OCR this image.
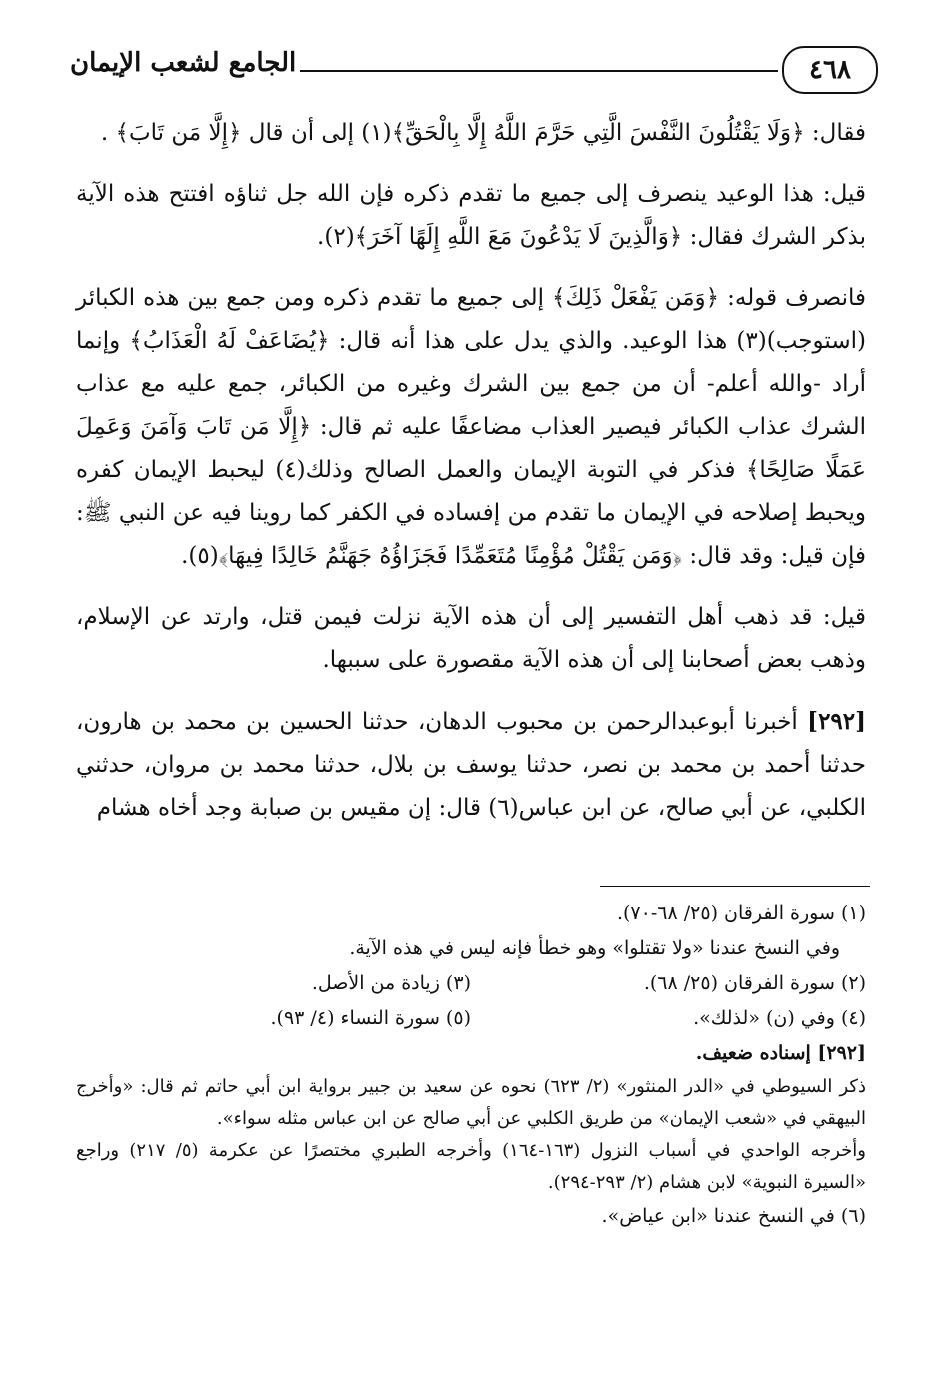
٤٦٨
الجامع لشعب الإيمان

فقال: ﴿وَلَا يَقْتُلُونَ النَّفْسَ الَّتِي حَرَّمَ اللَّهُ إِلَّا بِالْحَقِّ﴾(١) إلى أن قال ﴿إِلَّا مَن تَابَ﴾ .

قيل: هذا الوعيد ينصرف إلى جميع ما تقدم ذكره فإن الله جل ثناؤه افتتح هذه الآية بذكر الشرك فقال: ﴿وَالَّذِينَ لَا يَدْعُونَ مَعَ اللَّهِ إِلَهًا آخَرَ﴾(٢).

فانصرف قوله: ﴿وَمَن يَفْعَلْ ذَلِكَ﴾ إلى جميع ما تقدم ذكره ومن جمع بين هذه الكبائر (استوجب)(٣) هذا الوعيد. والذي يدل على هذا أنه قال: ﴿يُضَاعَفْ لَهُ الْعَذَابُ﴾ وإنما أراد -والله أعلم- أن من جمع بين الشرك وغيره من الكبائر، جمع عليه مع عذاب الشرك عذاب الكبائر فيصير العذاب مضاعفًا عليه ثم قال: ﴿إِلَّا مَن تَابَ وَآمَنَ وَعَمِلَ عَمَلًا صَالِحًا﴾ فذكر في التوبة الإيمان والعمل الصالح وذلك(٤) ليحبط الإيمان كفره ويحبط إصلاحه في الإيمان ما تقدم من إفساده في الكفر كما روينا فيه عن النبي ﷺ: فإن قيل: وقد قال: ﴿وَمَن يَقْتُلْ مُؤْمِنًا مُتَعَمِّدًا فَجَزَاؤُهُ جَهَنَّمُ خَالِدًا فِيهَا﴾(٥).

قيل: قد ذهب أهل التفسير إلى أن هذه الآية نزلت فيمن قتل، وارتد عن الإسلام، وذهب بعض أصحابنا إلى أن هذه الآية مقصورة على سببها.

[٢٩٢] أخبرنا أبوعبدالرحمن بن محبوب الدهان، حدثنا الحسين بن محمد بن هارون، حدثنا أحمد بن محمد بن نصر، حدثنا يوسف بن بلال، حدثنا محمد بن مروان، حدثني الكلبي، عن أبي صالح، عن ابن عباس(٦) قال: إن مقيس بن صبابة وجد أخاه هشام

(١) سورة الفرقان (٢٥/ ٦٨-٧٠).
وفي النسخ عندنا «ولا تقتلوا» وهو خطأ فإنه ليس في هذه الآية.
(٢) سورة الفرقان (٢٥/ ٦٨).
(٣) زيادة من الأصل.
(٤) وفي (ن) «لذلك».
(٥) سورة النساء (٤/ ٩٣).
[٢٩٢] إسناده ضعيف.
ذكر السيوطي في «الدر المنثور» (٢/ ٦٢٣) نحوه عن سعيد بن جبير برواية ابن أبي حاتم ثم قال: «وأخرج البيهقي في «شعب الإيمان» من طريق الكلبي عن أبي صالح عن ابن عباس مثله سواء».
وأخرجه الواحدي في أسباب النزول (١٦٣-١٦٤) وأخرجه الطبري مختصرًا عن عكرمة (٥/ ٢١٧) وراجع «السيرة النبوية» لابن هشام (٢/ ٢٩٣-٢٩٤).
(٦) في النسخ عندنا «ابن عياض».
